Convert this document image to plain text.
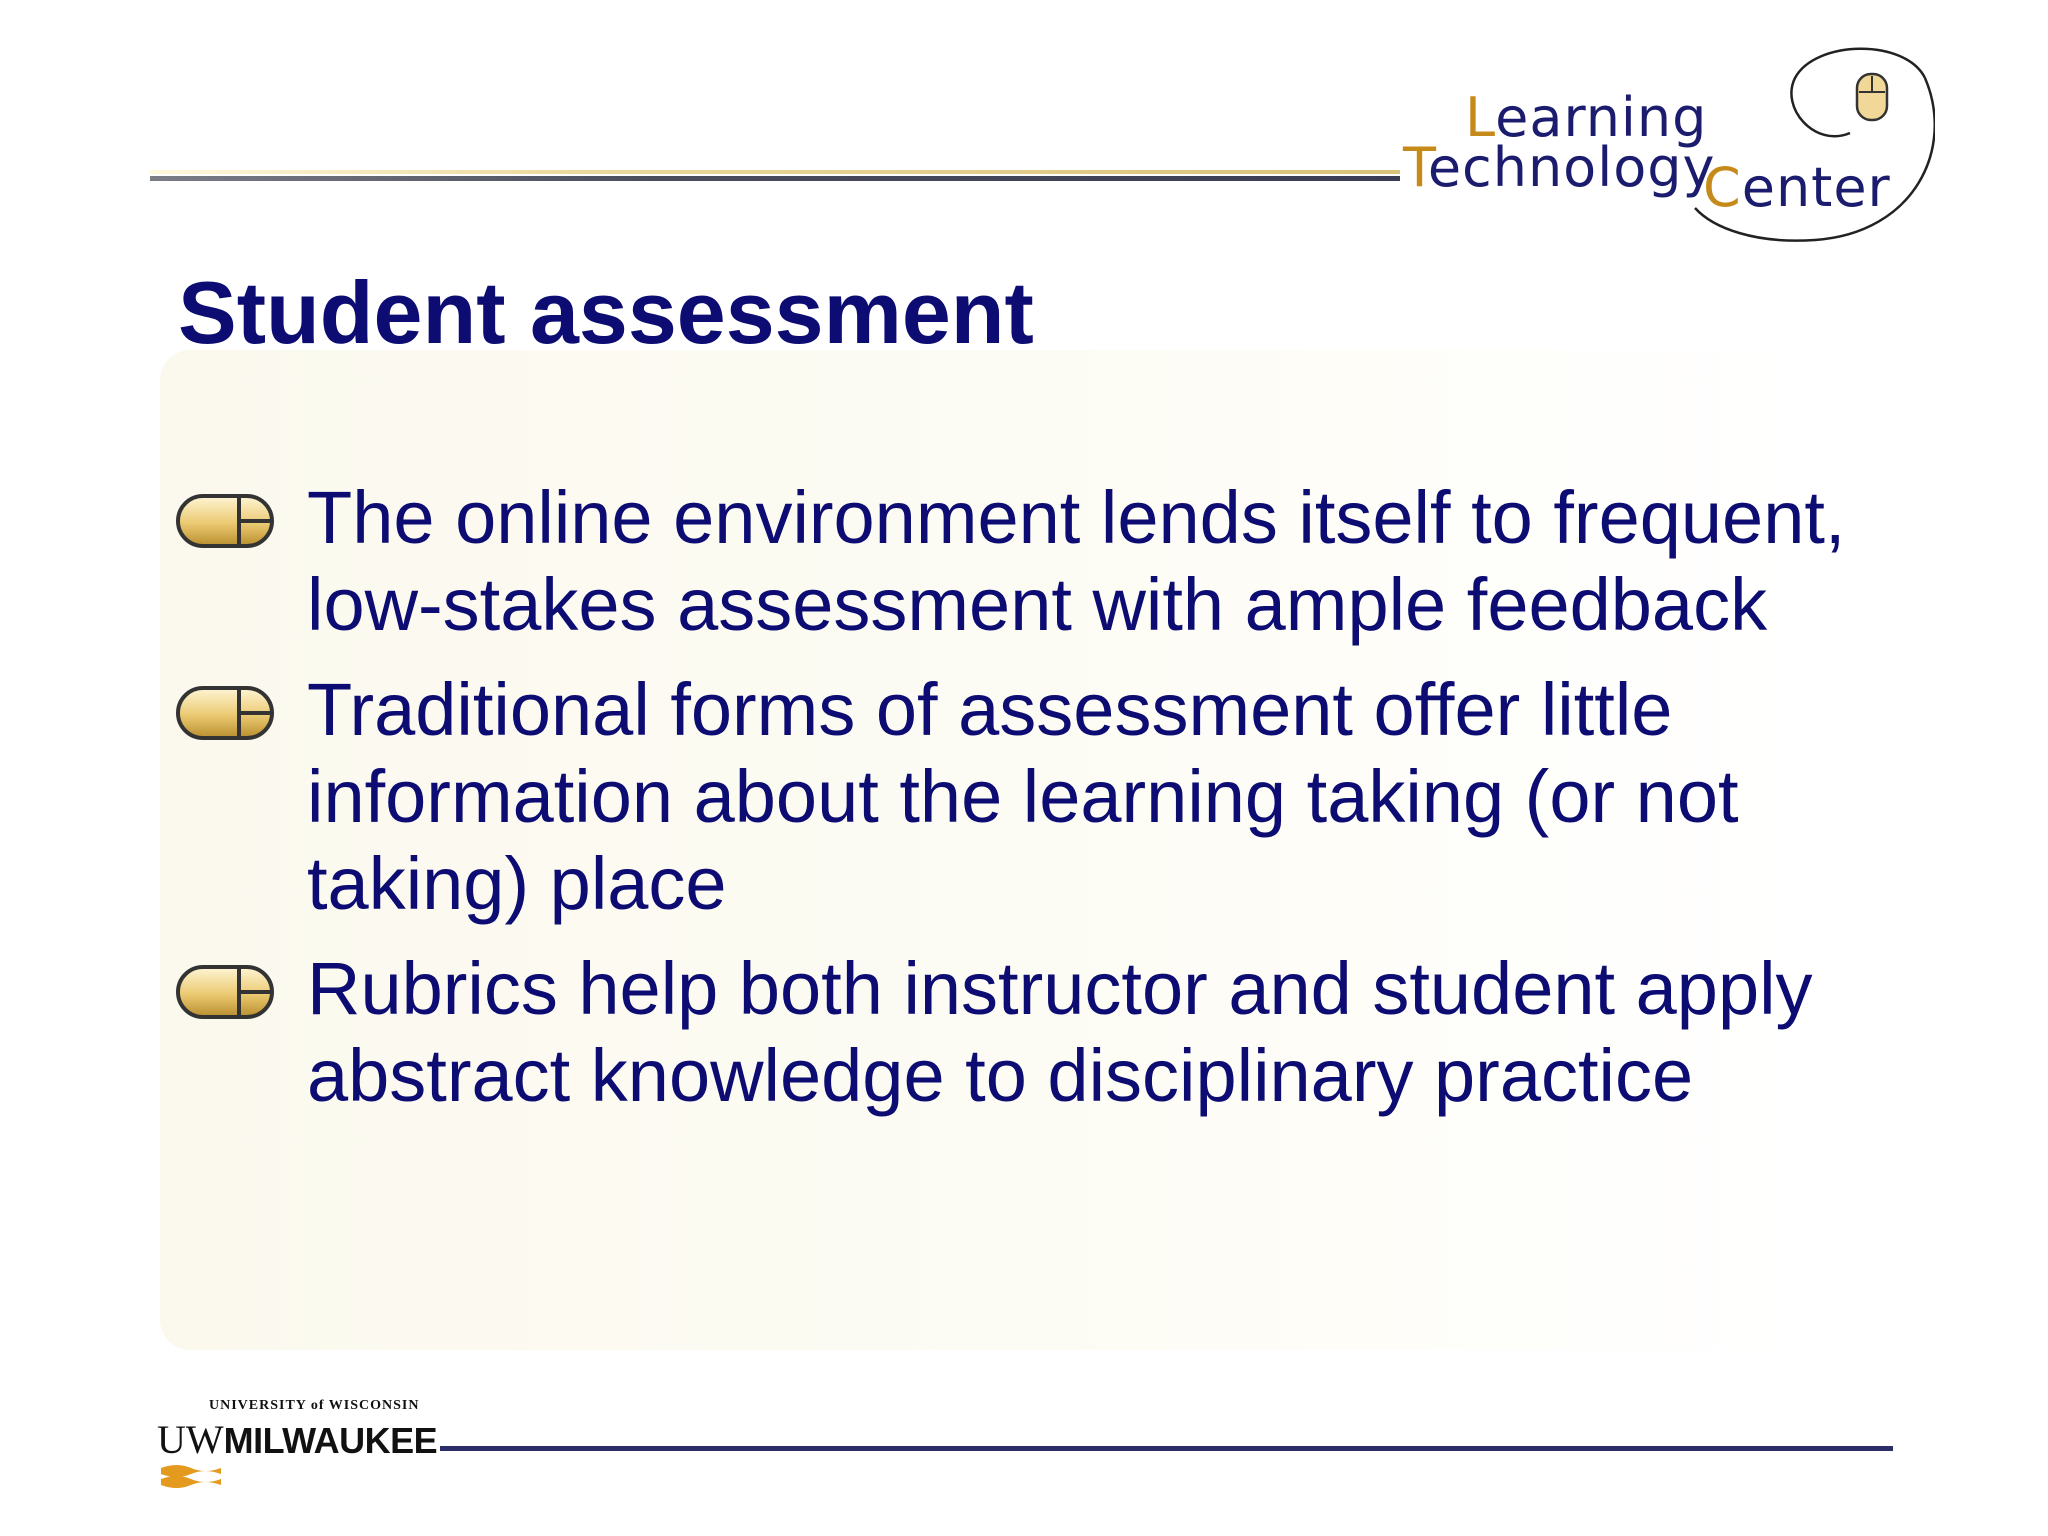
Learning
Technology
Center
Student assessment
The online environment lends itself to frequent, low-stakes assessment with ample feedback
Traditional forms of assessment offer little information about the learning taking (or not taking) place
Rubrics help both instructor and student apply abstract knowledge to disciplinary practice
UNIVERSITY of WISCONSIN
UWMILWAUKEE
